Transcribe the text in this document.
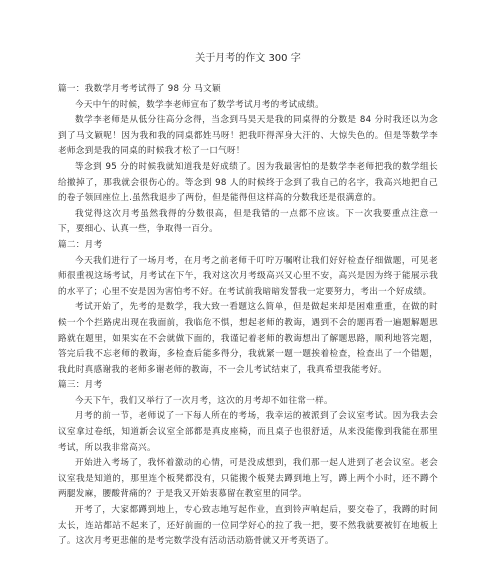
关于月考的作文 300 字

篇一：我数学月考考试得了 98 分 马文颖

今天中午的时候，数学李老师宣布了数学考试月考的考试成绩。

数学李老师是从低分往高分念得，当念到马昊天是我的同桌得的分数是 84 分时我还以为念到了马文颖呢！因为我和我的同桌都姓马呀！把我吓得浑身大汗的、大惊失色的。但是等数学李老师念到是我的同桌的时候我才松了一口气呀！

等念到 95 分的时候我就知道我是好成绩了。因为我最害怕的是数学李老师把我的数学组长给撤掉了，那我就会很伤心的。等念到 98 人的时候终于念到了我自己的名字，我高兴地把自己的卷子领回座位上.虽然我退步了两份，但是能得但这样高的分数我还是很满意的。

我觉得这次月考虽然我得的分数很高，但是我错的一点都不应该。下一次我要重点注意一下，要细心、认真一些，争取得一百分。

篇二：月考

今天我们进行了一场月考，在月考之前老师千叮咛万嘱咐让我们好好检查仔细做题，可见老师很重视这场考试，月考试在下午，我对这次月考级高兴又心里不安，高兴是因为终于能展示我的水平了；心里不安是因为害怕考不好。在考试前我暗暗发誓我一定要努力，考出一个好成绩。

考试开始了，先考的是数学，我大致一看题这么简单，但是做起来却是困难重重，在做的时候一个个拦路虎出现在我面前，我临危不惧，想起老师的教诲，遇到不会的题再看一遍题解题思路就在题里，如果实在不会就做下面的，我谨记着老师的教诲想出了解题思路，顺利地答完题，答完后我不忘老师的教诲，多检查后能多得分，我就紧一题一题挨着检查，检查出了一个错题，我此时真感谢我的老师多谢老师的教诲，不一会儿考试结束了，我真希望我能考好。

篇三：月考

今天下午，我们又举行了一次月考，这次的月考却不如往常一样。

月考的前一节，老师说了一下每人所在的考场，我幸运的被派到了会议室考试。因为我去会议室拿过卷纸，知道新会议室全部都是真皮座椅，而且桌子也很舒适，从来没能像到我能在那里考试，所以我非常高兴。

开始进入考场了，我怀着激动的心情，可是没成想到，我们那一起人进到了老会议室。老会议室我是知道的，那里连个板凳都没有，只能搬个板凳去蹲到地上写，蹲上两个小时，还不蹲个两腿发麻，腰酸背痛的？于是我又开始衷慕留在教室里的同学。

开考了，大家都蹲到地上，专心致志地写起作业，直到铃声响起后，要交卷了，我蹲的时间太长，连站都站不起来了，还好前面的一位同学好心的拉了我一把，要不然我就要被钉在地板上了。这次月考更悲催的是考完数学没有活动活动筋骨就又开考英语了。
